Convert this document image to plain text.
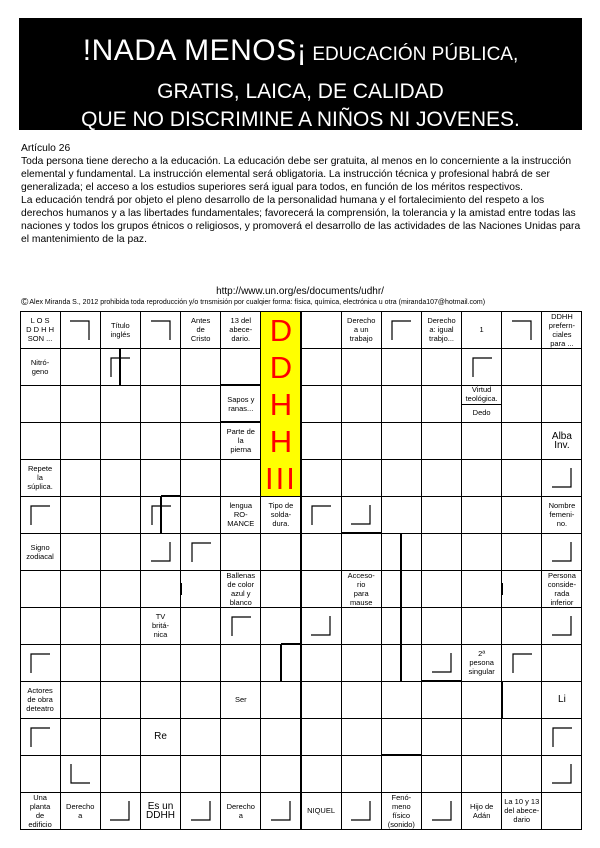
!NADA MENOS¡ EDUCACIÓN PÚBLICA,
GRATIS, LAICA, DE CALIDAD
QUE NO DISCRIMINE A NIÑOS NI JOVENES.

Artículo 26

Toda persona tiene derecho a la educación. La educación debe ser gratuita, al menos en lo concerniente a la instrucción elemental y fundamental. La instrucción elemental será obligatoria. La instrucción técnica y profesional habrá de ser generalizada; el acceso a los estudios superiores será igual para todos, en función de los méritos respectivos.

La educación tendrá por objeto el pleno desarrollo de la personalidad humana y el fortalecimiento del respeto a los derechos humanos y a las libertades fundamentales; favorecerá la comprensión, la tolerancia y la amistad entre todas las naciones y todos los grupos étnicos o religiosos, y promoverá el desarrollo de las actividades de las Naciones Unidas para el mantenimiento de la paz.

http://www.un.org/es/documents/udhr/
©Alex Miranda S., 2012 prohibida toda reproducción y/o trnsmisión por cualqier forma: física, química, electrónica u otra (miranda107@hotmail.com)
D
D
H
H
III
L O S
D D H H
SON ...
Título
inglés
Antes
de
Cristo
13 del
abece-
dario.
Derecho
a un
trabajo
Derecho
a: igual
trabjo...
1
DDHH
prefern-
ciales
para ...
Nitró-
geno
Sapos y
ranas...
Virtud
teológica.
Dedo
Parte de
la
pierna
Alba
Inv.
Repete
la
súplica.
lengua
RO-
MANCE
Tipo de
solda-
dura.
Nombre
femeni-
no.
Signo
zodiacal
Ballenas
de color
azul y
blanco
Acceso-
rio
para
mause
Persona
conside-
rada
inferior
TV
britá-
nica
2ª
pesona
singular
Actores
de obra
deteatro
Ser	Li
Re
Una
planta
de
edificio
Derecho
a
Es un
DDHH
Derecho
a	NIQUEL
Fenó-
meno
físico
(sonido)
Hijo de
Adán
La 10 y 13
del abece-
dario
